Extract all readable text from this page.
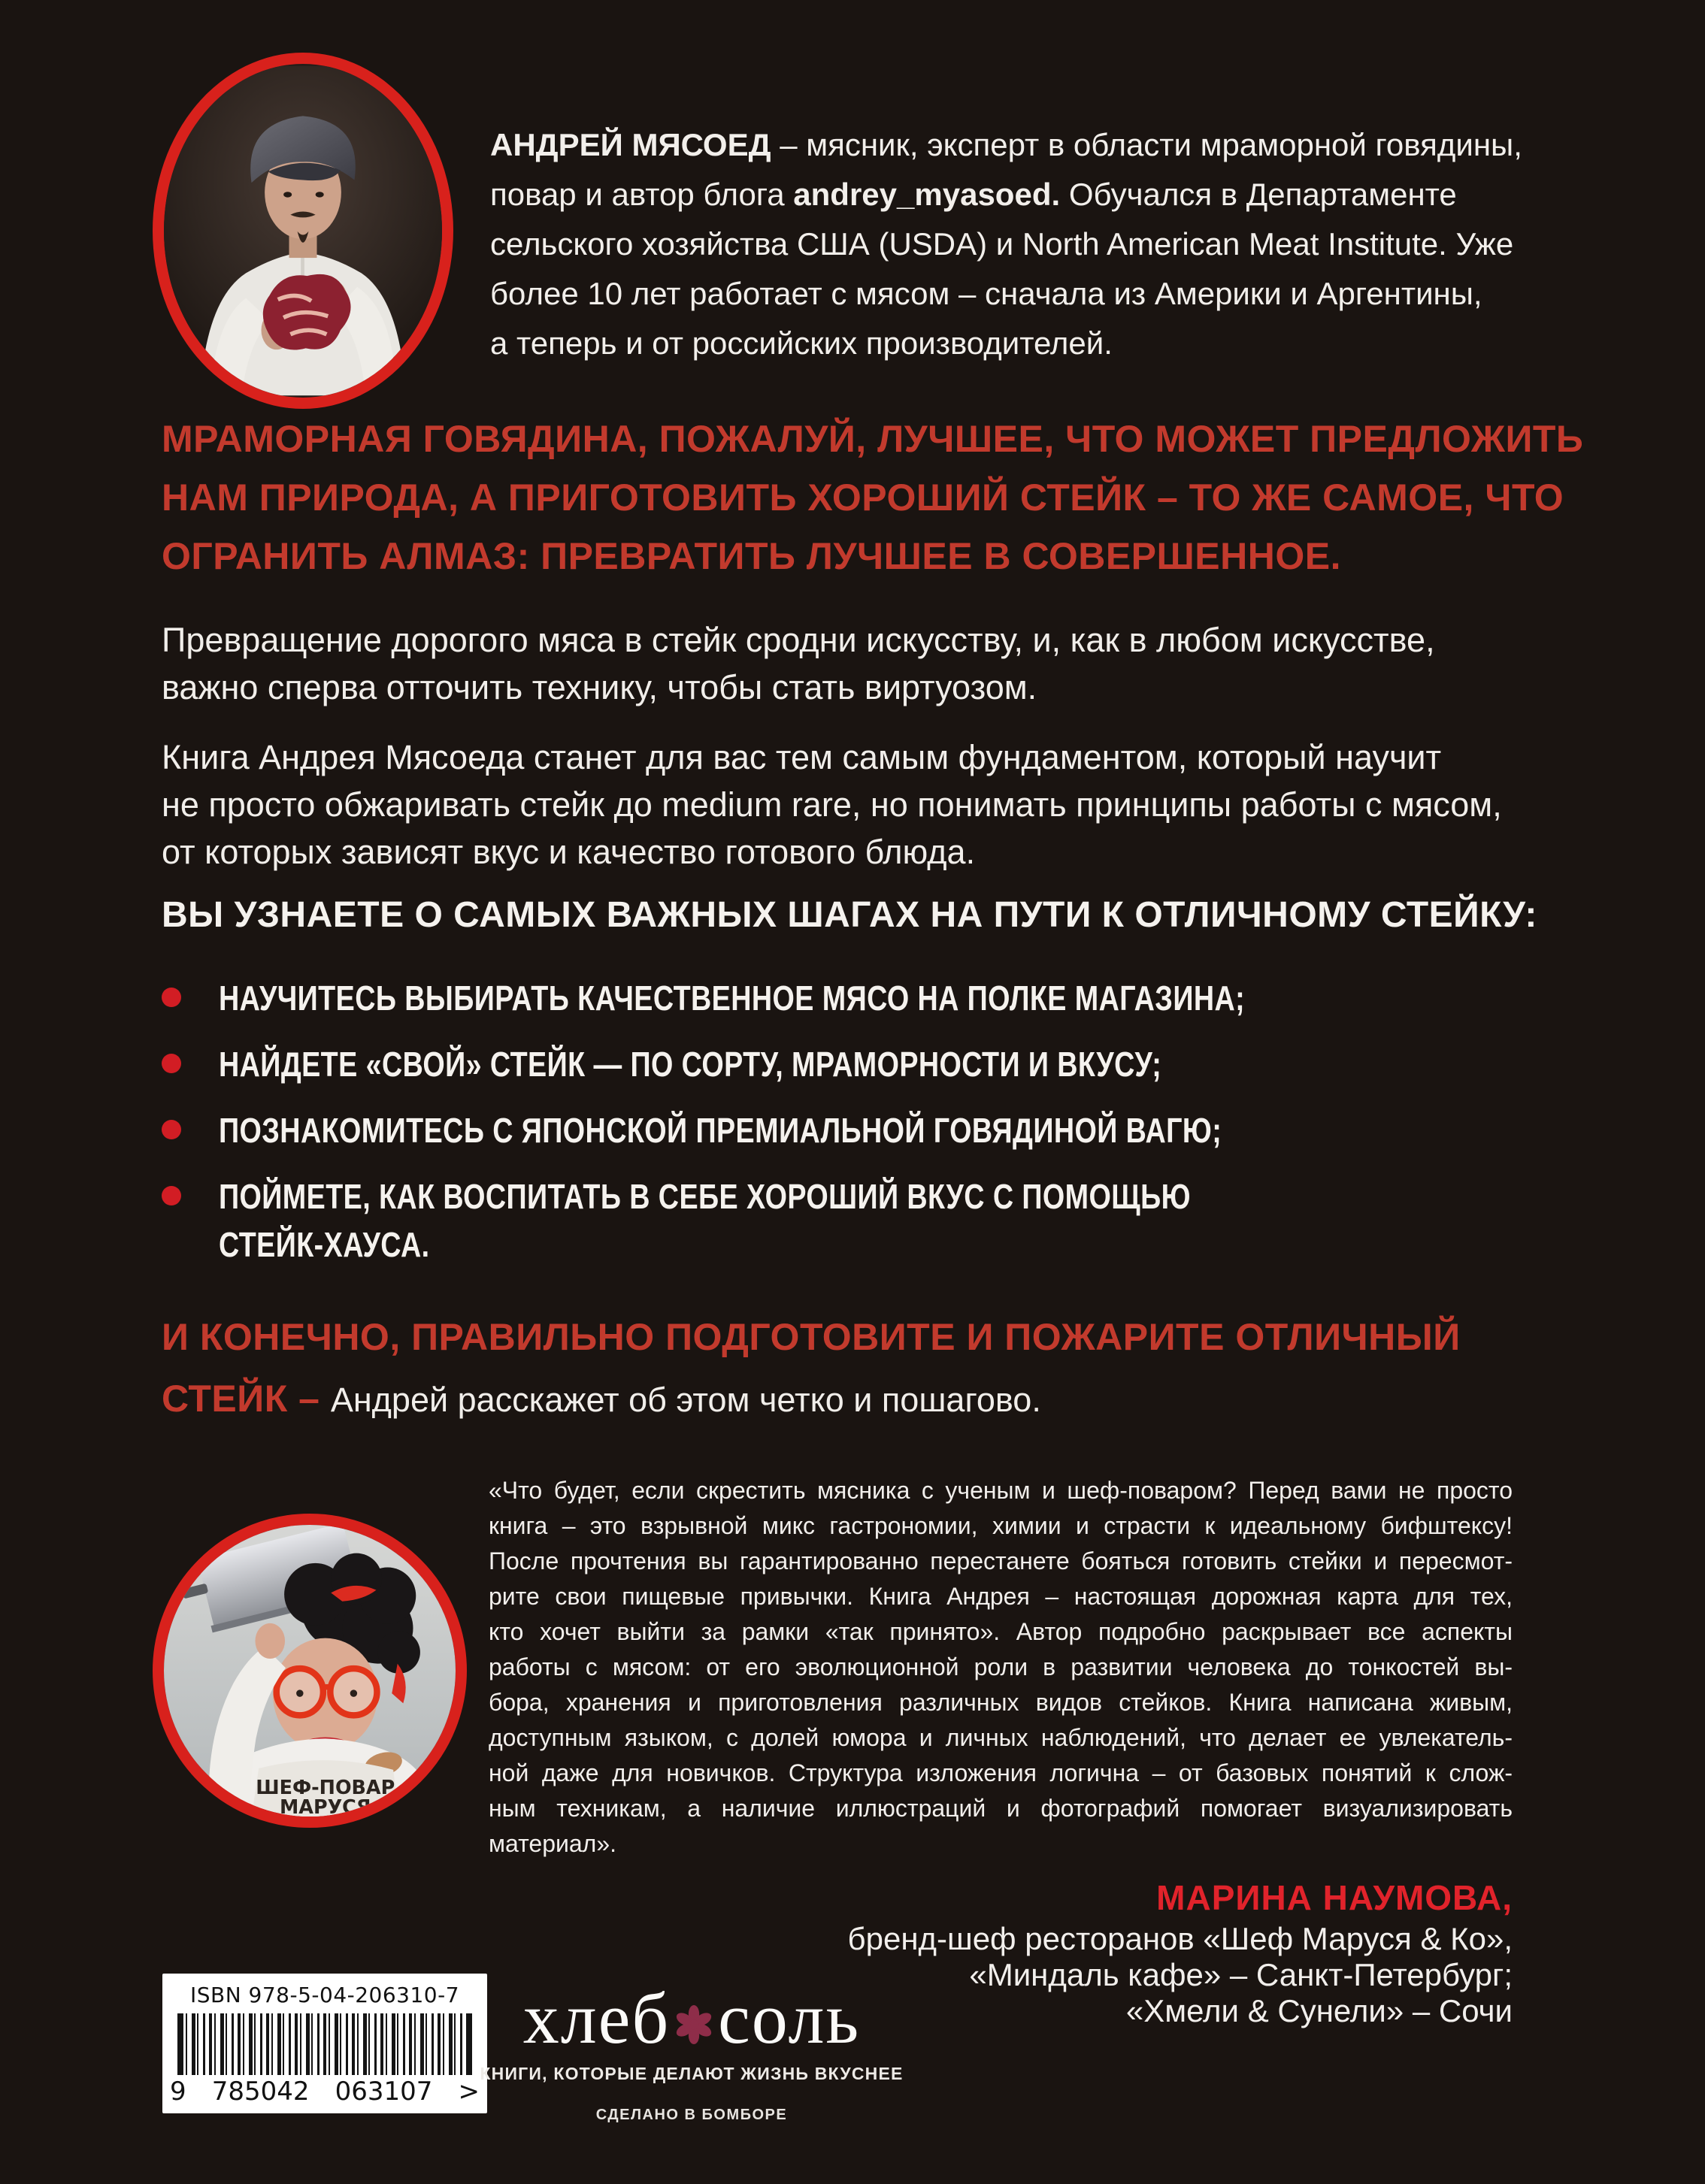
АНДРЕЙ МЯСОЕД – мясник, эксперт в области мраморной говядины,
повар и автор блога andrey_myasoed. Обучался в Департаменте
сельского хозяйства США (USDA) и North American Meat Institute. Уже
более 10 лет работает с мясом – сначала из Америки и Аргентины,
а теперь и от российских производителей.
МРАМОРНАЯ ГОВЯДИНА, ПОЖАЛУЙ, ЛУЧШЕЕ, ЧТО МОЖЕТ ПРЕДЛОЖИТЬ
НАМ ПРИРОДА, А ПРИГОТОВИТЬ ХОРОШИЙ СТЕЙК – ТО ЖЕ САМОЕ, ЧТО
ОГРАНИТЬ АЛМАЗ: ПРЕВРАТИТЬ ЛУЧШЕЕ В СОВЕРШЕННОЕ.
Превращение дорогого мяса в стейк сродни искусству, и, как в любом искусстве,
важно сперва отточить технику, чтобы стать виртуозом.
Книга Андрея Мясоеда станет для вас тем самым фундаментом, который научит
не просто обжаривать стейк до medium rare, но понимать принципы работы с мясом,
от которых зависят вкус и качество готового блюда.
ВЫ УЗНАЕТЕ О САМЫХ ВАЖНЫХ ШАГАХ НА ПУТИ К ОТЛИЧНОМУ СТЕЙКУ:
НАУЧИТЕСЬ ВЫБИРАТЬ КАЧЕСТВЕННОЕ МЯСО НА ПОЛКЕ МАГАЗИНА;
НАЙДЕТЕ «СВОЙ» СТЕЙК — ПО СОРТУ, МРАМОРНОСТИ И ВКУСУ;
ПОЗНАКОМИТЕСЬ С ЯПОНСКОЙ ПРЕМИАЛЬНОЙ ГОВЯДИНОЙ ВАГЮ;
ПОЙМЕТЕ, КАК ВОСПИТАТЬ В СЕБЕ ХОРОШИЙ ВКУС С ПОМОЩЬЮ
СТЕЙК-ХАУСА.
И КОНЕЧНО, ПРАВИЛЬНО ПОДГОТОВИТЕ И ПОЖАРИТЕ ОТЛИЧНЫЙ
СТЕЙК – Андрей расскажет об этом четко и пошагово.
ШЕФ-ПОВАР
МАРУСЯ
«Что будет, если скрестить мясника с ученым и шеф-поваром? Перед вами не просто
книга – это взрывной микс гастрономии, химии и страсти к идеальному бифштексу!
После прочтения вы гарантированно перестанете бояться готовить стейки и пересмот-
рите свои пищевые привычки. Книга Андрея – настоящая дорожная карта для тех,
кто хочет выйти за рамки «так принято». Автор подробно раскрывает все аспекты
работы с мясом: от его эволюционной роли в развитии человека до тонкостей вы-
бора, хранения и приготовления различных видов стейков. Книга написана живым,
доступным языком, с долей юмора и личных наблюдений, что делает ее увлекатель-
ной даже для новичков. Структура изложения логична – от базовых понятий к слож-
ным техникам, а наличие иллюстраций и фотографий помогает визуализировать
материал».
МАРИНА НАУМОВА,
бренд-шеф ресторанов «Шеф Маруся & Ко»,
«Миндаль кафе» – Санкт-Петербург;
«Хмели & Сунели» – Сочи
ISBN 978-5-04-206310-7
9 785042 063107 >
хлеб соль
КНИГИ, КОТОРЫЕ ДЕЛАЮТ ЖИЗНЬ ВКУСНЕЕ
СДЕЛАНО В БОМБОРЕ
